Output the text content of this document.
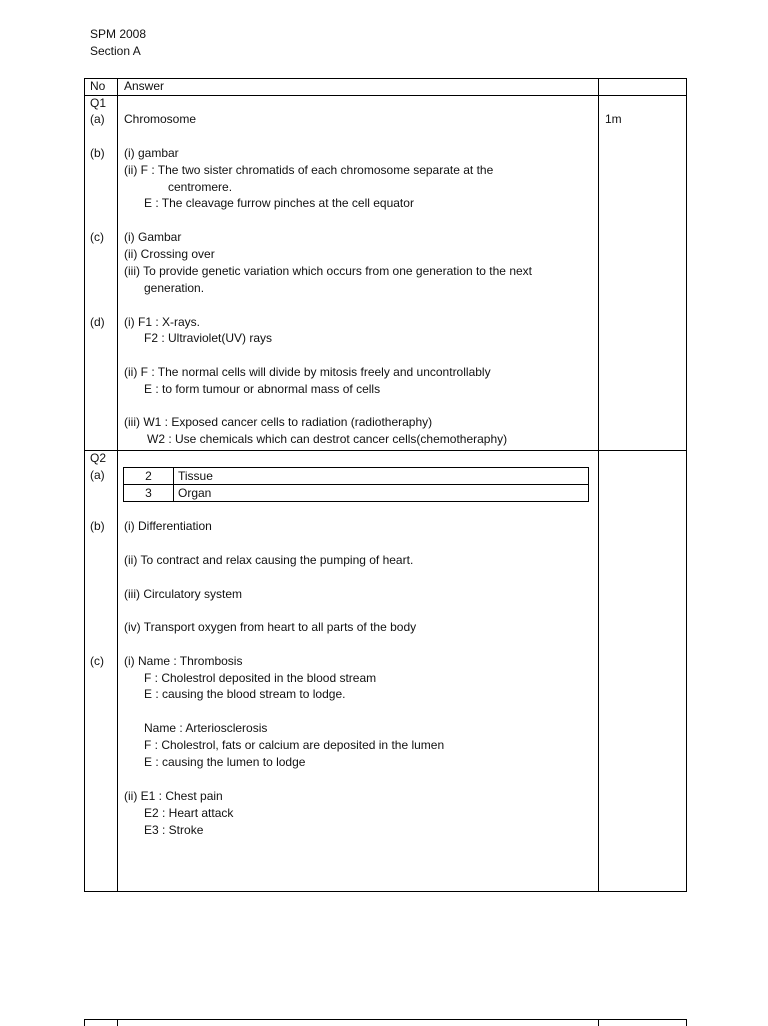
SPM 2008
Section A
No Answer
Q1
(a) Chromosome	1m
(b) (i) gambar
(ii) F : The two sister chromatids of each chromosome separate at the
centromere.
E : The cleavage furrow pinches at the cell equator
(c) (i) Gambar
(ii) Crossing over
(iii) To provide genetic variation which occurs from one generation to the next
generation.
(d) (i) F1 : X-rays.
F2 : Ultraviolet(UV) rays
(ii) F : The normal cells will divide by mitosis freely and uncontrollably
E : to form tumour or abnormal mass of cells
(iii) W1 : Exposed cancer cells to radiation (radiotheraphy)
W2 : Use chemicals which can destrot cancer cells(chemotheraphy)
Q2
(a)	2	Tissue
3	Organ
(b) (i) Differentiation
(ii) To contract and relax causing the pumping of heart.
(iii) Circulatory system
(iv) Transport oxygen from heart to all parts of the body
(c) (i) Name : Thrombosis
F : Cholestrol deposited in the blood stream
E : causing the blood stream to lodge.
Name : Arteriosclerosis
F : Cholestrol, fats or calcium are deposited in the lumen
E : causing the lumen to lodge
(ii) E1 : Chest pain
E2 : Heart attack
E3 : Stroke
